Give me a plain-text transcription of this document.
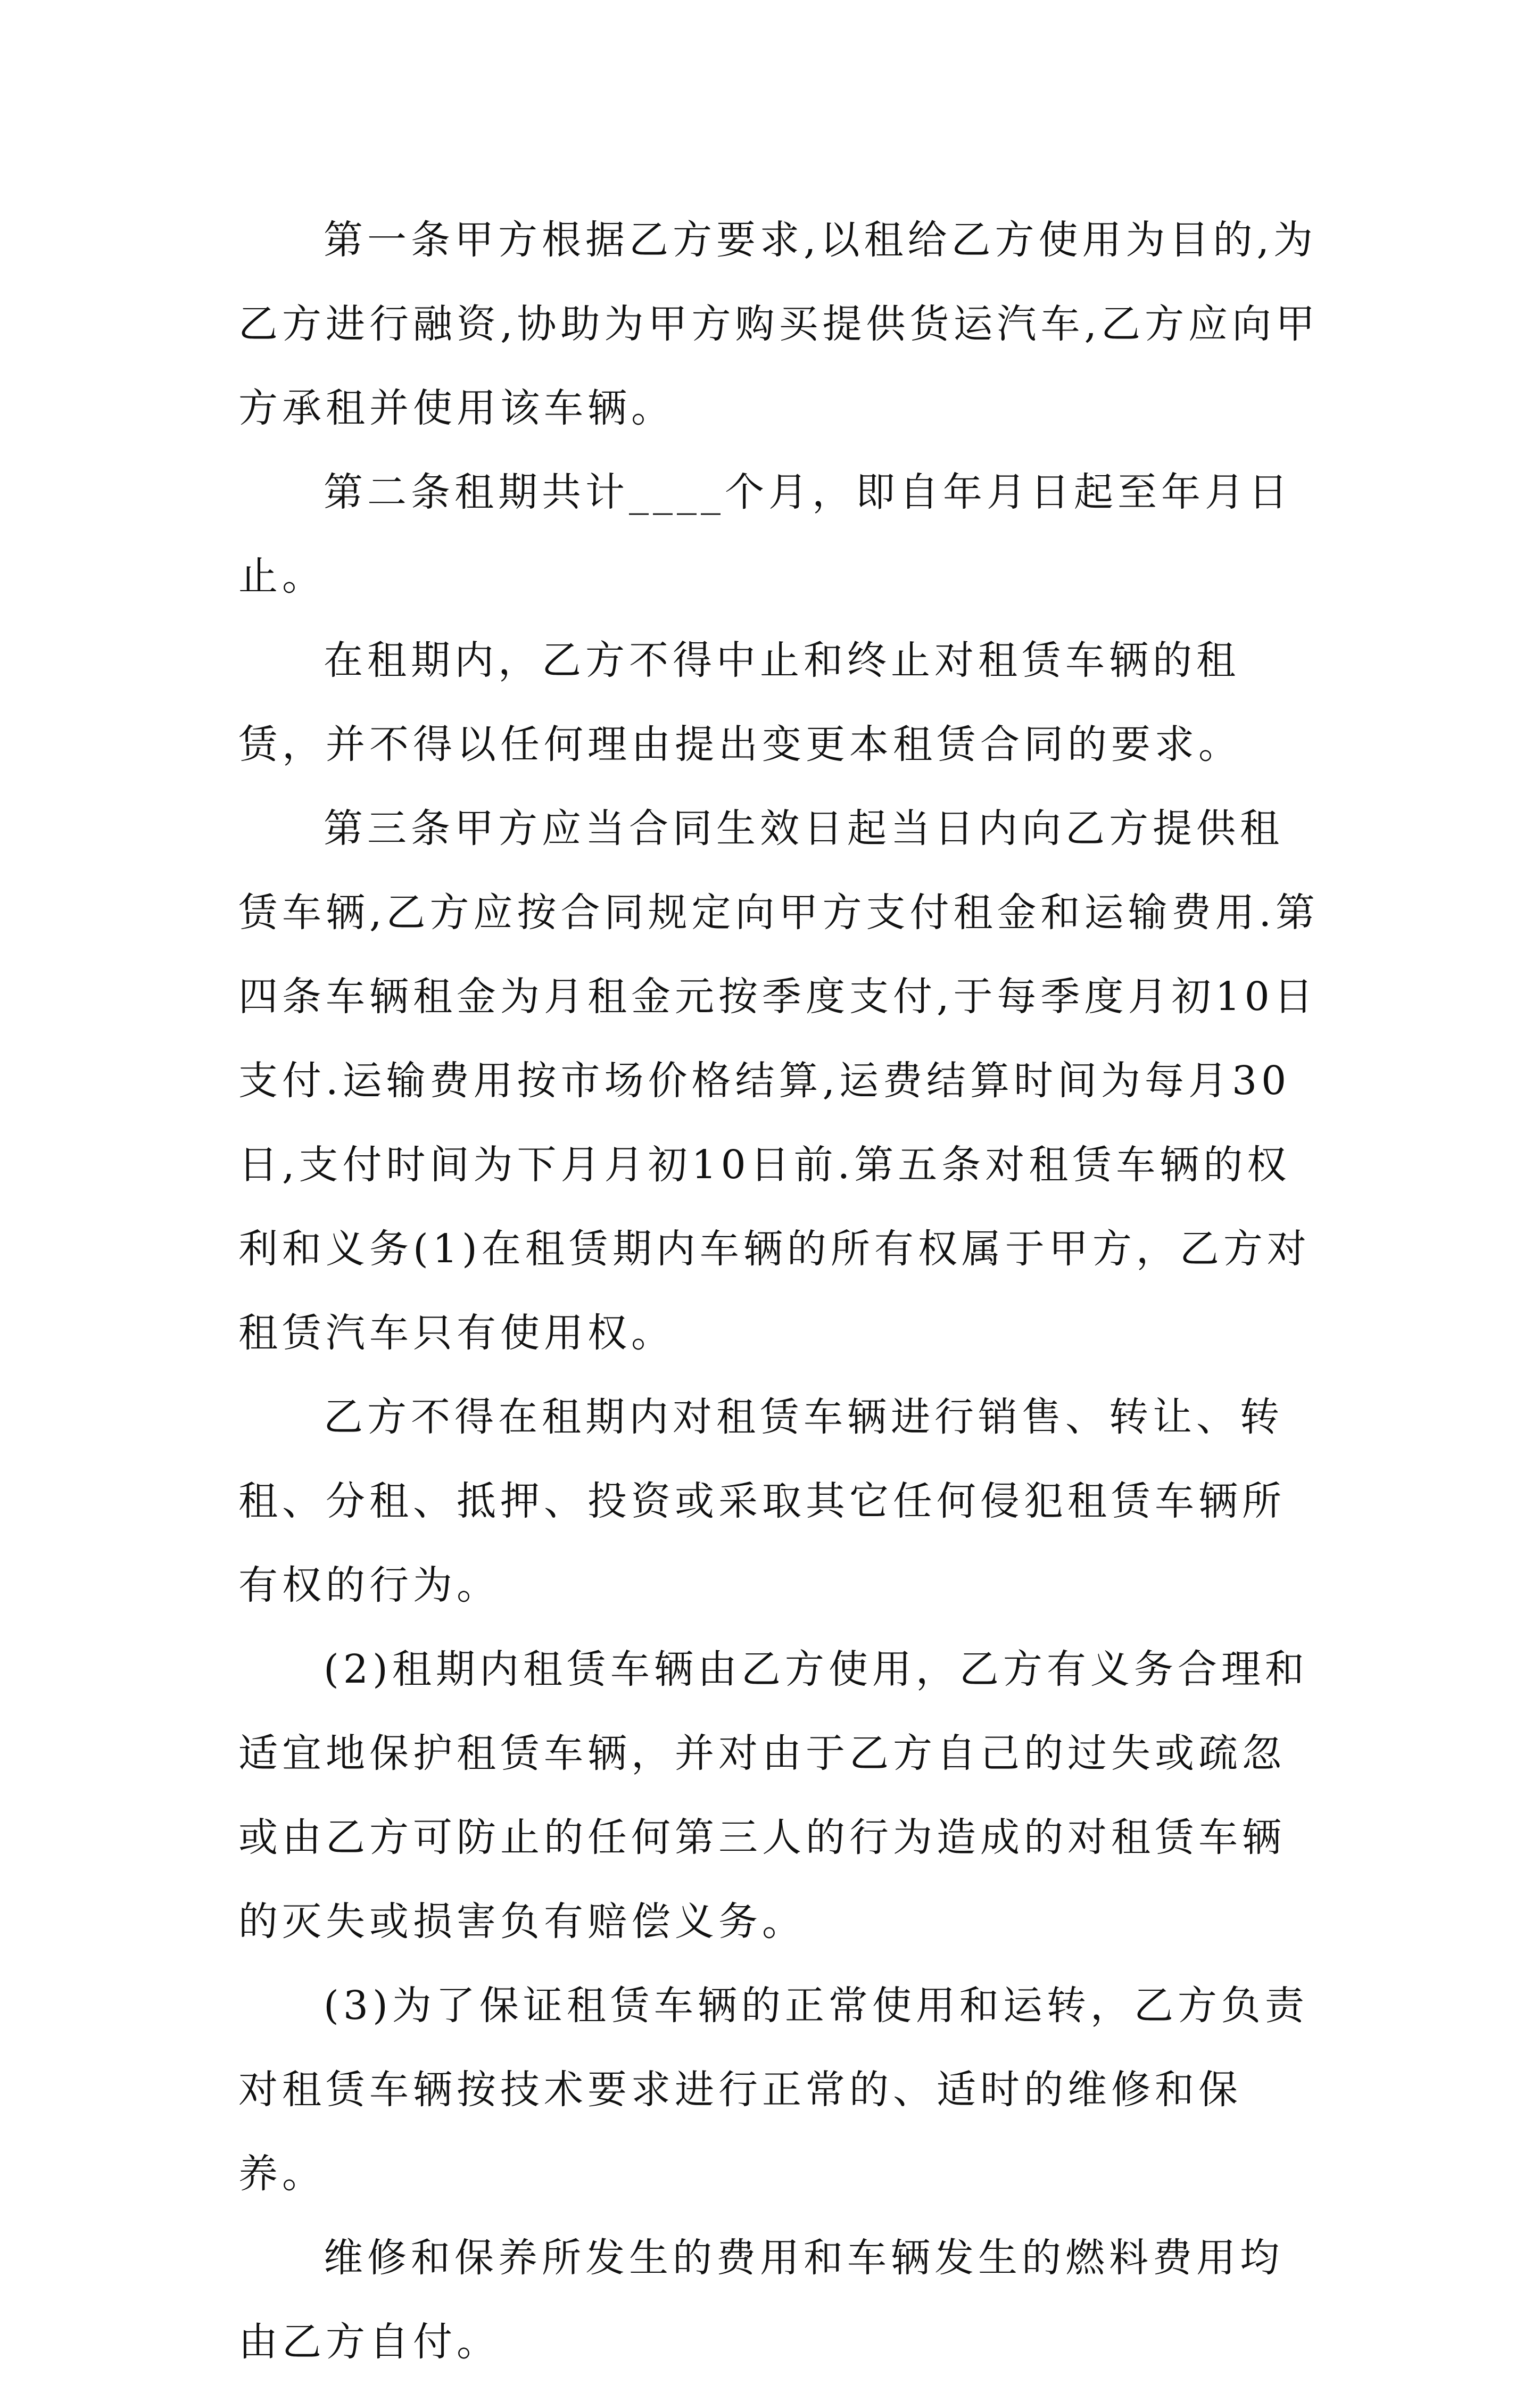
第一条甲方根据乙方要求,以租给乙方使用为目的,为乙方进行融资,协助为甲方购买提供货运汽车,乙方应向甲方承租并使用该车辆。

第二条租期共计____个月，即自年月日起至年月日止。

在租期内，乙方不得中止和终止对租赁车辆的租赁，并不得以任何理由提出变更本租赁合同的要求。

第三条甲方应当合同生效日起当日内向乙方提供租赁车辆,乙方应按合同规定向甲方支付租金和运输费用.第四条车辆租金为月租金元按季度支付,于每季度月初10日支付.运输费用按市场价格结算,运费结算时间为每月30日,支付时间为下月月初10日前.第五条对租赁车辆的权利和义务(1)在租赁期内车辆的所有权属于甲方，乙方对租赁汽车只有使用权。

乙方不得在租期内对租赁车辆进行销售、转让、转租、分租、抵押、投资或采取其它任何侵犯租赁车辆所有权的行为。

(2)租期内租赁车辆由乙方使用，乙方有义务合理和适宜地保护租赁车辆，并对由于乙方自己的过失或疏忽或由乙方可防止的任何第三人的行为造成的对租赁车辆的灭失或损害负有赔偿义务。

(3)为了保证租赁车辆的正常使用和运转，乙方负责对租赁车辆按技术要求进行正常的、适时的维修和保养。

维修和保养所发生的费用和车辆发生的燃料费用均由乙方自付。
